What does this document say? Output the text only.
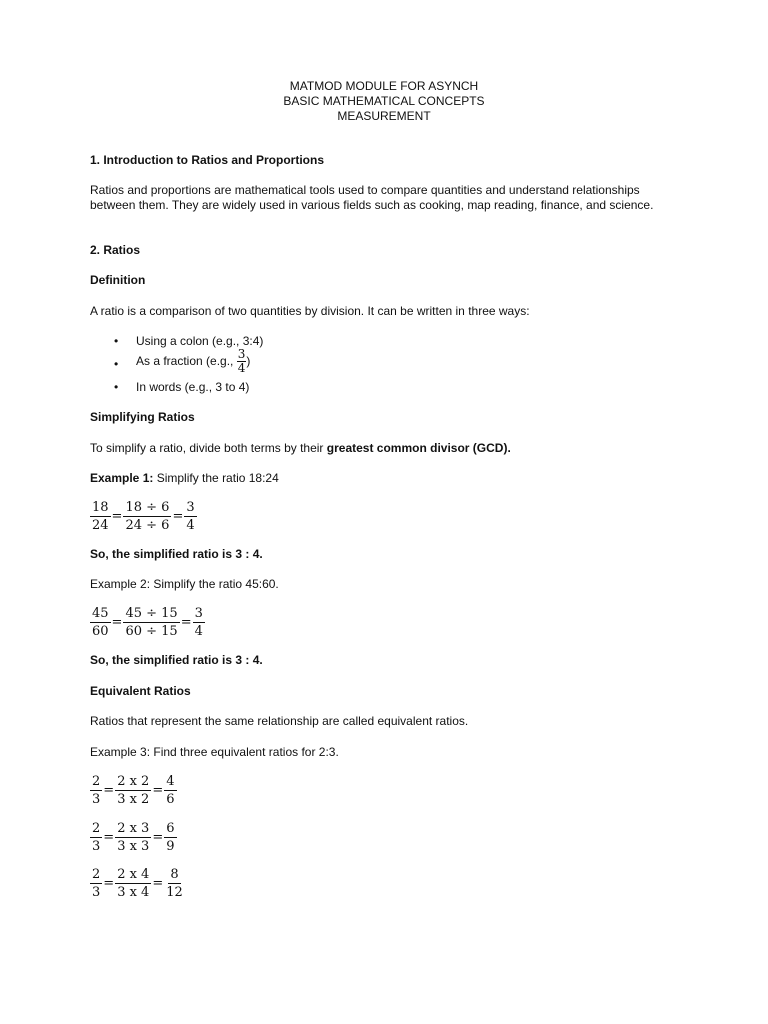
MATMOD MODULE FOR ASYNCH
BASIC MATHEMATICAL CONCEPTS
MEASUREMENT
1. Introduction to Ratios and Proportions
Ratios and proportions are mathematical tools used to compare quantities and understand relationships between them. They are widely used in various fields such as cooking, map reading, finance, and science.
2. Ratios
Definition
A ratio is a comparison of two quantities by division. It can be written in three ways:
• Using a colon (e.g., 3:4)
• As a fraction (e.g., $\frac{3}{4}$ )
• In words (e.g., 3 to 4)
Simplifying Ratios
To simplify a ratio, divide both terms by their greatest common divisor (GCD).
Example 1: Simplify the ratio 18:24
$\frac{18}{24} = \frac{18 \div 6}{24 \div 6} = \frac{3}{4}$
So, the simplified ratio is 3 : 4.
Example 2: Simplify the ratio 45:60.
$\frac{45}{60} = \frac{45 \div 15}{60 \div 15} = \frac{3}{4}$
So, the simplified ratio is 3 : 4.
Equivalent Ratios
Ratios that represent the same relationship are called equivalent ratios.
Example 3: Find three equivalent ratios for 2:3.
$\frac{2}{3} = \frac{2 x 2}{3 x 2} = \frac{4}{6}$
$\frac{2}{3} = \frac{2 x 3}{3 x 3} = \frac{6}{9}$
$\frac{2}{3} = \frac{2 x 4}{3 x 4} = \frac{8}{12}$
